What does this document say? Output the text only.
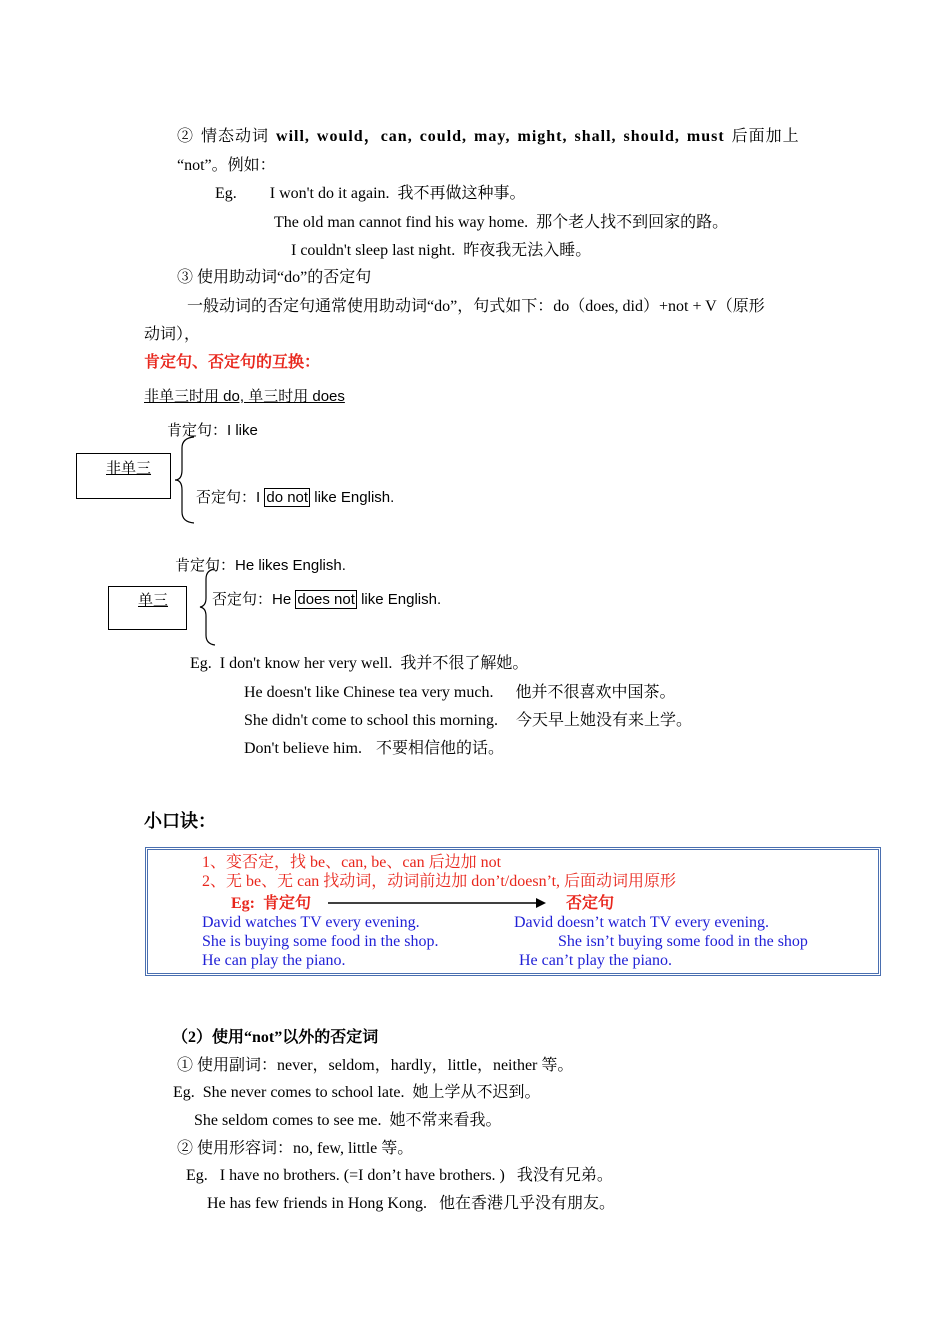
② 情态动词 will, would，can, could, may, might, shall, should, must 后面加上
“not”。例如：
Eg. I won't do it again. 我不再做这种事。
The old man cannot find his way home. 那个老人找不到回家的路。
I couldn't sleep last night. 昨夜我无法入睡。
③ 使用助动词“do”的否定句
一般动词的否定句通常使用助动词“do”，句式如下：do（does, did）+not + V（原形
动词），
肯定句、否定句的互换：
非单三时用 do, 单三时用 does
肯定句：I like
非单三
否定句：I do not like English.
肯定句：He likes English.
单三	否定句：He does not like English.
Eg. I don't know her very well. 我并不很了解她。
He doesn't like Chinese tea very much. 他并不很喜欢中国茶。
She didn't come to school this morning. 今天早上她没有来上学。
Don't believe him. 不要相信他的话。
小口诀：
1、变否定，找 be、can, be、can 后边加 not
2、无 be、无 can 找动词，动词前边加 don’t/doesn’t, 后面动词用原形
Eg: 肯定句	否定句
David watches TV every evening.	David doesn’t watch TV every evening.
She is buying some food in the shop.	She isn’t buying some food in the shop
He can play the piano.	He can’t play the piano.
（2）使用“not”以外的否定词
① 使用副词：never，seldom，hardly，little，neither 等。
Eg. She never comes to school late. 她上学从不迟到。
She seldom comes to see me. 她不常来看我。
② 使用形容词：no, few, little 等。
Eg. I have no brothers. (=I don’t have brothers. ) 我没有兄弟。
He has few friends in Hong Kong. 他在香港几乎没有朋友。
